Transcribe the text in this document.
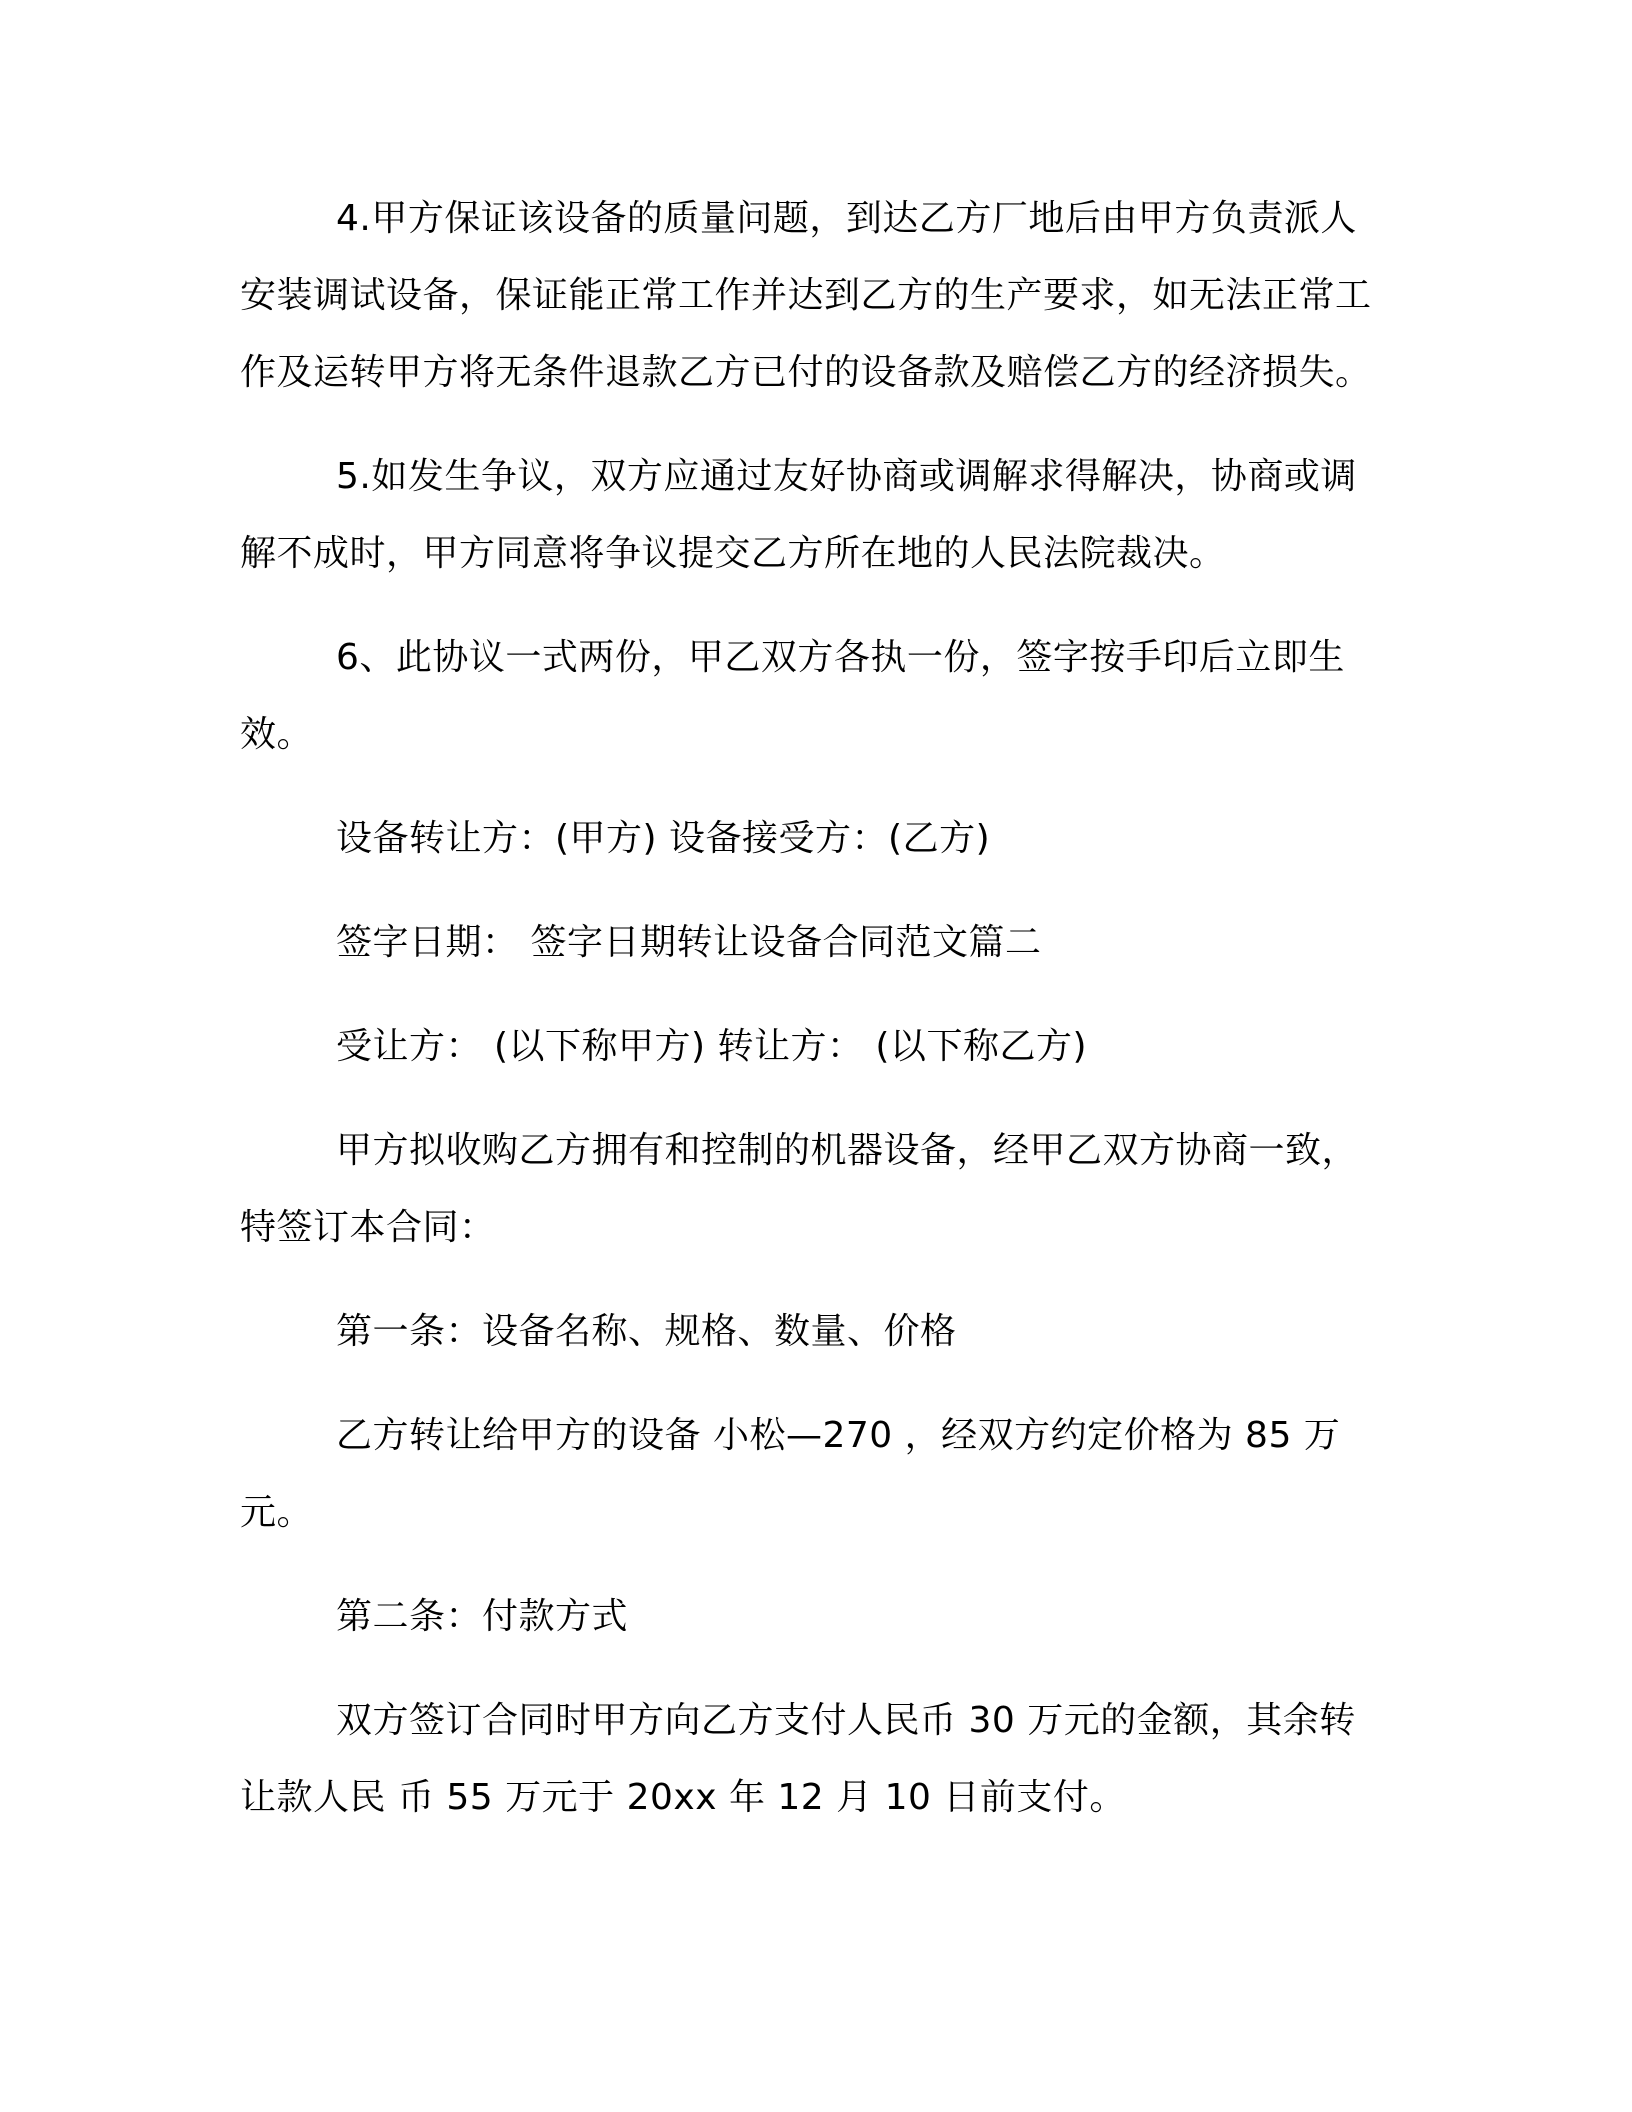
4.甲方保证该设备的质量问题，到达乙方厂地后由甲方负责派人安装调试设备，保证能正常工作并达到乙方的生产要求，如无法正常工作及运转甲方将无条件退款乙方已付的设备款及赔偿乙方的经济损失。

5.如发生争议，双方应通过友好协商或调解求得解决，协商或调解不成时，甲方同意将争议提交乙方所在地的人民法院裁决。

6、此协议一式两份，甲乙双方各执一份，签字按手印后立即生效。

设备转让方：(甲方) 设备接受方：(乙方)

签字日期： 签字日期转让设备合同范文篇二

受让方： (以下称甲方) 转让方： (以下称乙方)

甲方拟收购乙方拥有和控制的机器设备，经甲乙双方协商一致，特签订本合同：

第一条：设备名称、规格、数量、价格

乙方转让给甲方的设备 小松—270 ，经双方约定价格为 85 万元。

第二条：付款方式

双方签订合同时甲方向乙方支付人民币 30 万元的金额，其余转让款人民 币 55 万元于 20xx 年 12 月 10 日前支付。
